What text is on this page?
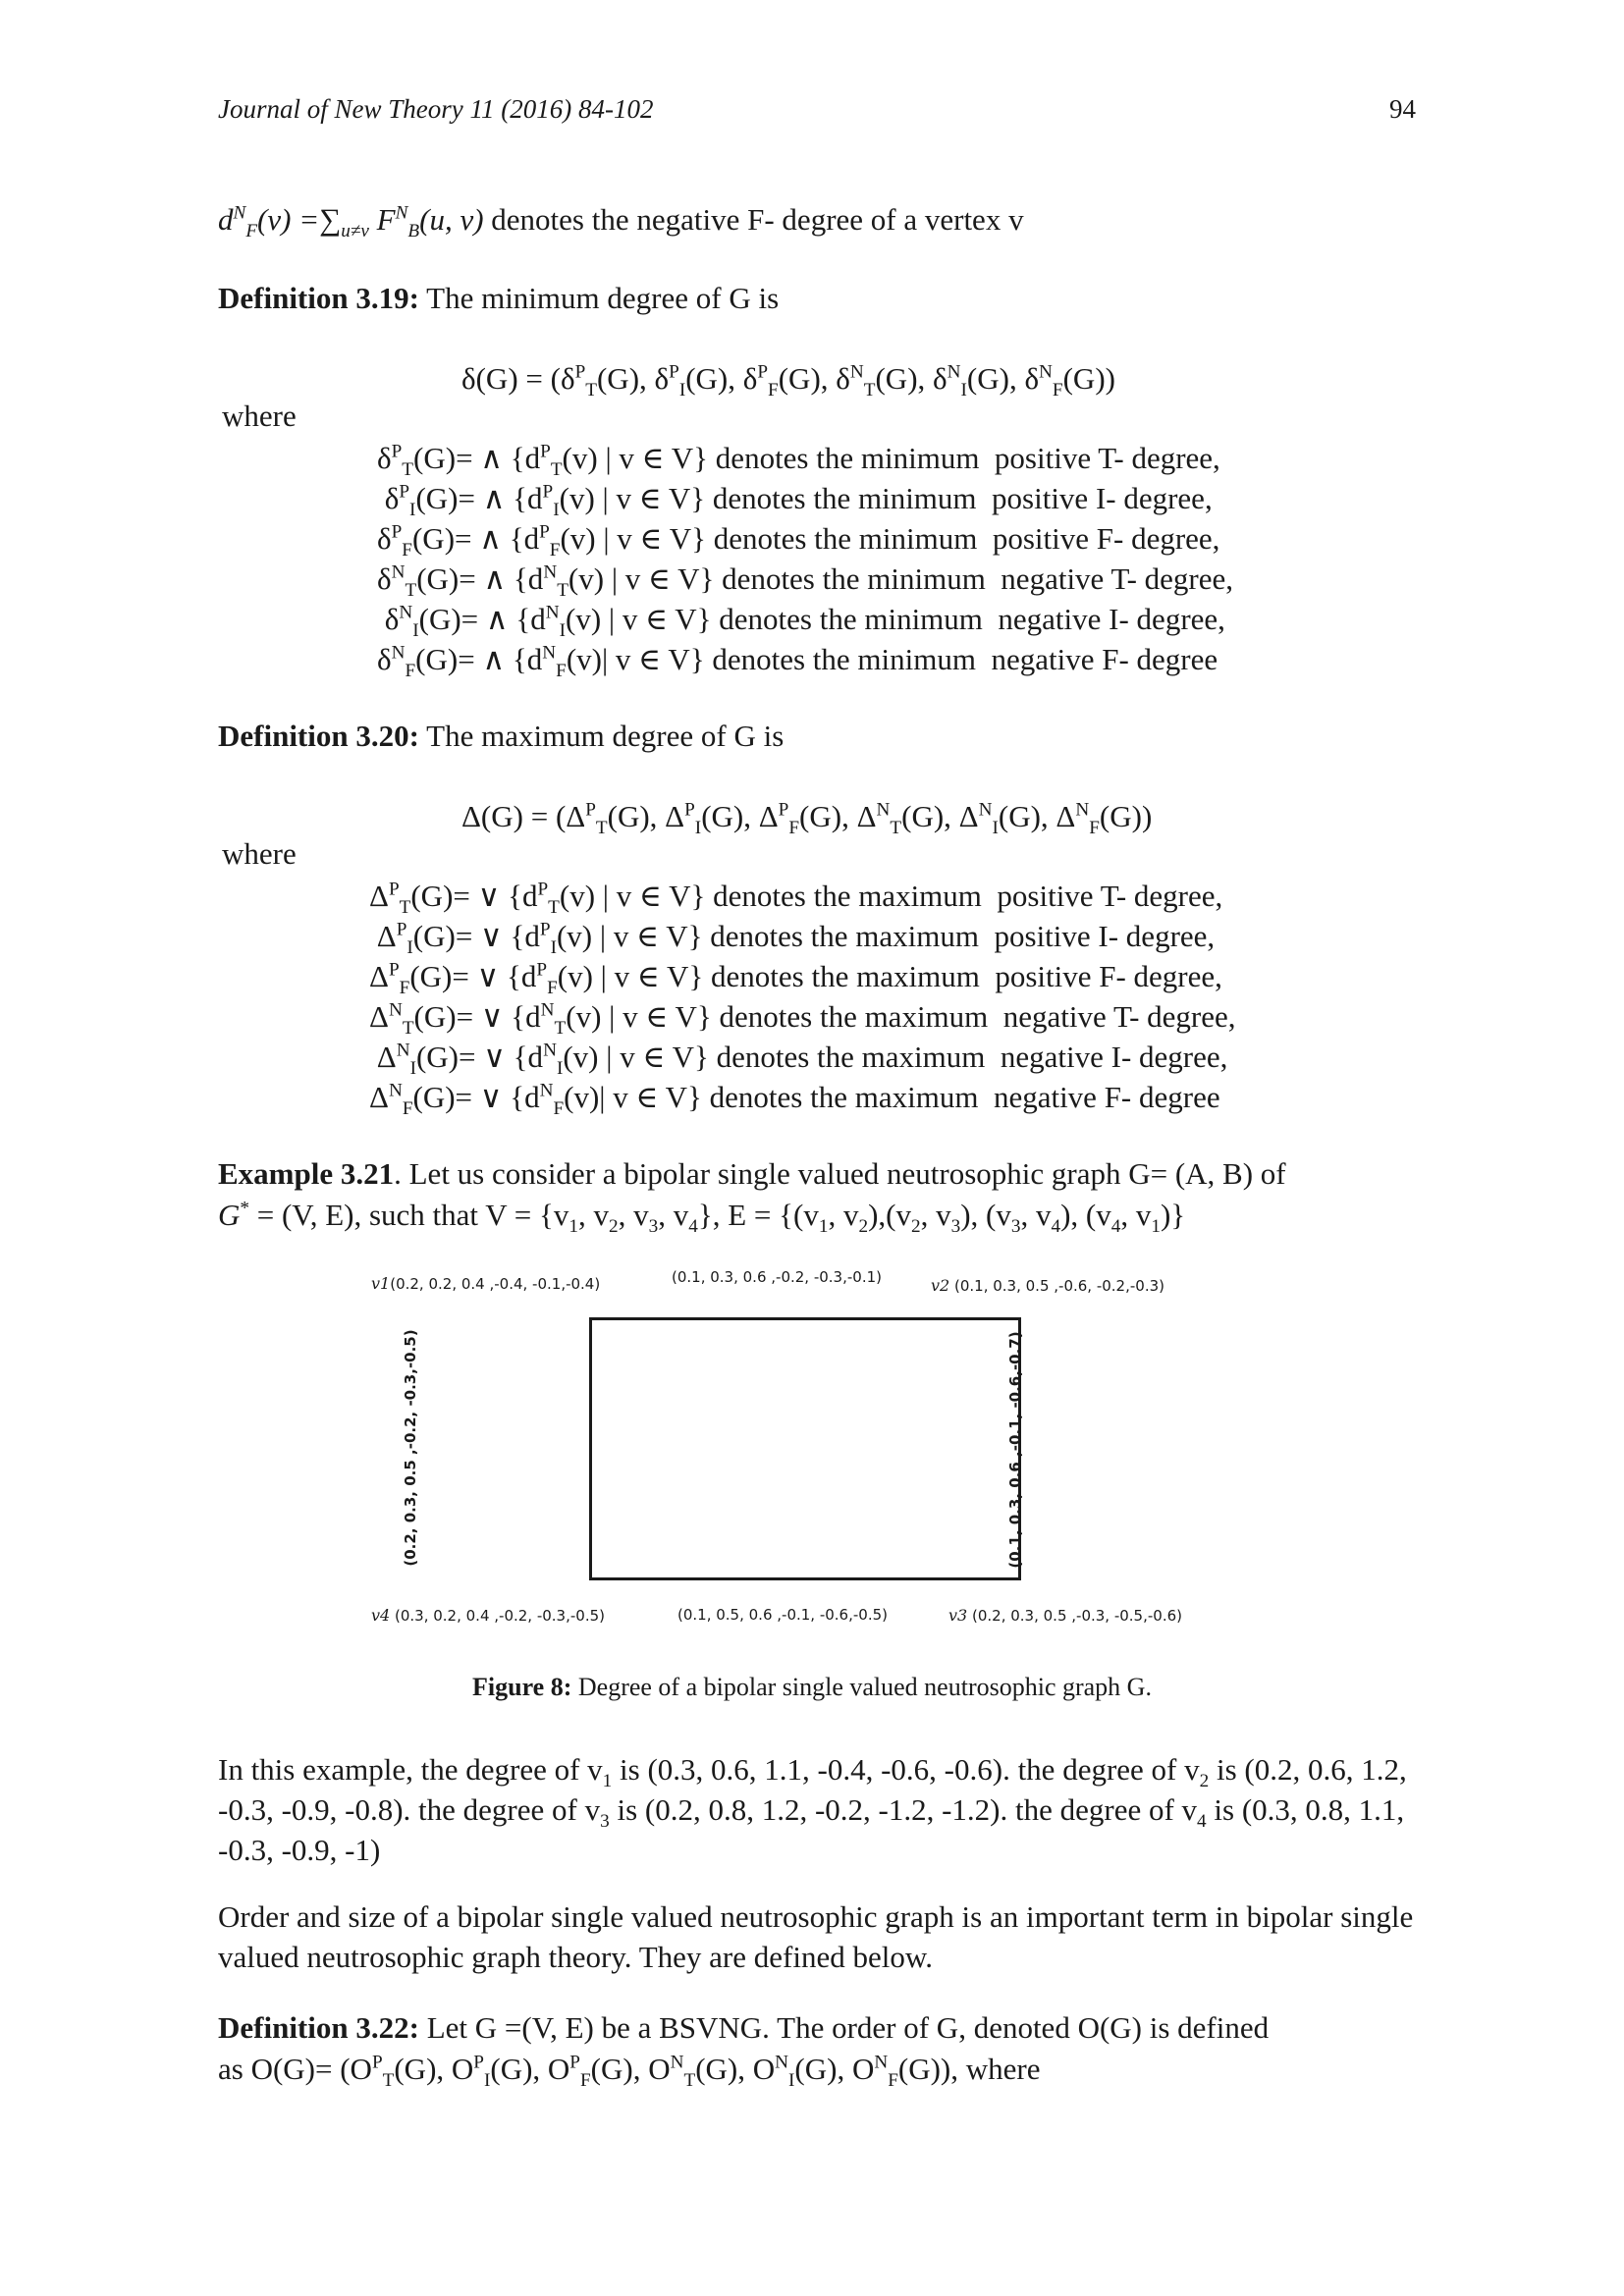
Journal of New Theory 11 (2016) 84-102	94
$d^N_F(v) =\sum_{u\ne v}$ $F^N_B(u$, v) denotes the negative F- degree of a vertex v
Definition 3.19: The minimum degree of G is
$\delta(G) = (\delta^P_T(G)$, $\delta^P_I(G)$, $\delta^P_F(G)$, $\delta^N_T(G)$, $\delta^N_I(G)$, $\delta^N_F(G)$)
where
$\delta^P_T(G)=$ ∧ {$d^P_T(v)$ | v ∈ V} denotes the minimum  positive T- degree,
$\delta^P_I(G)=$ ∧ {$d^P_I(v)$ | v ∈ V} denotes the minimum  positive I- degree,
$\delta^P_F(G)=$ ∧ {$d^P_F(v)$ | v ∈ V} denotes the minimum  positive F- degree,
$\delta^N_T(G)=$ ∧ {$d^N_T(v)$ | v ∈ V} denotes the minimum  negative T- degree,
$\delta^N_I(G)=$ ∧ {$d^N_I(v)$ | v ∈ V} denotes the minimum  negative I- degree,
$\delta^N_F(G)=$ ∧ {$d^N_F(v)|$ v ∈ V} denotes the minimum  negative F- degree
Definition 3.20: The maximum degree of G is
$\Delta(G) = (\Delta^P_T(G)$, $\Delta^P_I(G)$, $\Delta^P_F(G)$, $\Delta^N_T(G)$, $\Delta^N_I(G)$, $\Delta^N_F(G)$)
where
$\Delta^P_T(G)=$ ∨ {$d^P_T(v)$ | v ∈ V} denotes the maximum  positive T- degree,
$\Delta^P_I(G)=$ ∨ {$d^P_I(v)$ | v ∈ V} denotes the maximum  positive I- degree,
$\Delta^P_F(G)=$ ∨ {$d^P_F(v)$ | v ∈ V} denotes the maximum  positive F- degree,
$\Delta^N_T(G)=$ ∨ {$d^N_T(v)$ | v ∈ V} denotes the maximum  negative T- degree,
$\Delta^N_I(G)=$ ∨ {$d^N_I(v)$ | v ∈ V} denotes the maximum  negative I- degree,
$\Delta^N_F(G)=$ ∨ {$d^N_F(v)|$ v ∈ V} denotes the maximum  negative F- degree
Example 3.21. Let us consider a bipolar single valued neutrosophic graph G= (A, B) of
G* = (V, E), such that $V = \{v_1$, $v_2$, $v_3$, $v_4$}, $E = \{(v_1$, $v_2),(v_2$, $v_3$), ($v_3$, $v_4$), ($v_4$, $v_1$)}
v1(0.2, 0.2, 0.4 ,-0.4, -0.1,-0.4)	(0.1, 0.3, 0.6 ,-0.2, -0.3,-0.1)	v2 (0.1, 0.3, 0.5 ,-0.6, -0.2,-0.3)
v4 (0.3, 0.2, 0.4 ,-0.2, -0.3,-0.5)	(0.1, 0.5, 0.6 ,-0.1, -0.6,-0.5)	v3 (0.2, 0.3, 0.5 ,-0.3, -0.5,-0.6)
(0.2, 0.3, 0.5 ,-0.2, -0.3,-0.5)	(0.1, 0.3, 0.6 ,-0.1, -0.6,-0.7)
Figure 8: Degree of a bipolar single valued neutrosophic graph G.
In this example, the degree of $v_1$ is (0.3, 0.6, 1.1, -0.4, -0.6, -0.6). the degree of $v_2$ is (0.2, 0.6, 1.2, -0.3, -0.9, -0.8). the degree of $v_3$ is (0.2, 0.8, 1.2, -0.2, -1.2, -1.2). the degree of $v_4$ is (0.3, 0.8, 1.1, -0.3, -0.9, -1)
Order and size of a bipolar single valued neutrosophic graph is an important term in bipolar single valued neutrosophic graph theory. They are defined below.
Definition 3.22: Let G =(V, E) be a BSVNG. The order of G, denoted O(G) is defined
as $O(G)= (O^P_T(G)$, $O^P_I(G)$, $O^P_F(G)$, $O^N_T(G)$, $O^N_I(G)$, $O^N_F(G)$), where
